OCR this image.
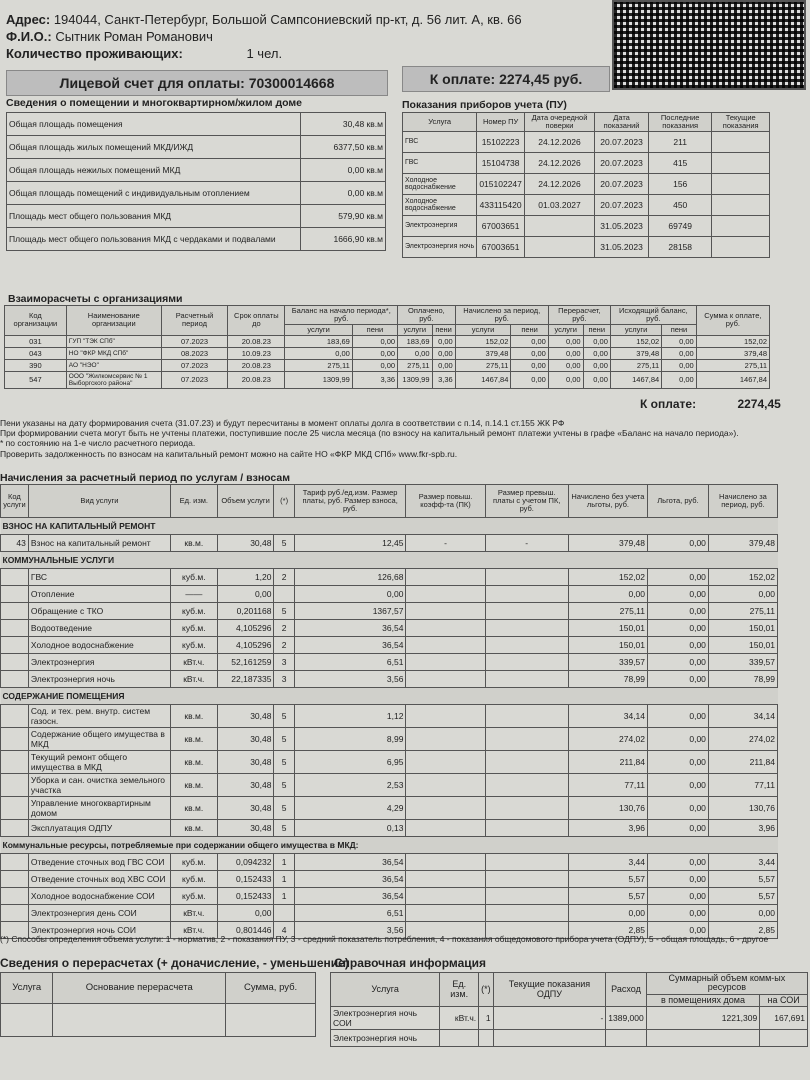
Адрес: 194044, Санкт-Петербург, Большой Сампсониевский пр-кт, д. 56 лит. А, кв. 66
Ф.И.О.: Сытник Роман Романович
Количество проживающих:	1 чел.
Лицевой счет для оплаты: 70300014668	К оплате: 2274,45 руб.
Сведения о помещении и многоквартирном/жилом доме
Общая площадь помещения	30,48 кв.м
Общая площадь жилых помещений МКД/ИЖД	6377,50 кв.м
Общая площадь нежилых помещений МКД	0,00 кв.м
Общая площадь помещений с индивидуальным отоплением	0,00 кв.м
Площадь мест общего пользования МКД	579,90 кв.м
Площадь мест общего пользования МКД с чердаками и подвалами	1666,90 кв.м
Показания приборов учета (ПУ)
Услуга	Номер ПУ	Дата очередной поверки	Дата показаний	Последние показания	Текущие показания
ГВС	15102223	24.12.2026	20.07.2023	211	
ГВС	15104738	24.12.2026	20.07.2023	415	
Холодное водоснабжение	015102247	24.12.2026	20.07.2023	156	
Холодное водоснабжение	433115420	01.03.2027	20.07.2023	450	
Электроэнергия	67003651		31.05.2023	69749	
Электроэнергия ночь	67003651		31.05.2023	28158	
Взаиморасчеты с организациями
Код организации	Наименование организации	Расчетный период	Срок оплаты до	Баланс на начало периода*, руб.		Оплачено, руб.		Начислено за период, руб.		Перерасчет, руб.		Исходящий баланс, руб.		Сумма к оплате, руб.
				услуги	пени	услуги	пени	услуги	пени	услуги	пени	услуги	пени	
031	ГУП "ТЭК СПб"	07.2023	20.08.23	183,69	0,00	183,69	0,00	152,02	0,00	0,00	0,00	152,02	0,00	152,02
043	НО "ФКР МКД СПб"	08.2023	10.09.23	0,00	0,00	0,00	0,00	379,48	0,00	0,00	0,00	379,48	0,00	379,48
390	АО "НЭО"	07.2023	20.08.23	275,11	0,00	275,11	0,00	275,11	0,00	0,00	0,00	275,11	0,00	275,11
547	ООО "Жилкомсервис № 1 Выборгского района"	07.2023	20.08.23	1309,99	3,36	1309,99	3,36	1467,84	0,00	0,00	0,00	1467,84	0,00	1467,84
К оплате:	2274,45
Пени указаны на дату формирования счета (31.07.23) и будут пересчитаны в момент оплаты долга в соответствии с п.14, п.14.1 ст.155 ЖК РФ
При формировании счета могут быть не учтены платежи, поступившие после 25 числа месяца (по взносу на капитальный ремонт платежи учтены в графе «Баланс на начало периода»).
* по состоянию на 1-е число расчетного периода.
Проверить задолженность по взносам на капитальный ремонт можно на сайте НО «ФКР МКД СПб» www.fkr-spb.ru.
Начисления за расчетный период по услугам / взносам
Код услуги	Вид услуги	Ед. изм.	Объем услуги	(*)	Тариф руб./ед.изм. Размер платы, руб. Размер взноса, руб.	Размер повыш. коэфф-та (ПК)	Размер превыш. платы с учетом ПК, руб.	Начислено без учета льготы, руб.	Льгота, руб.	Начислено за период, руб.
ВЗНОС НА КАПИТАЛЬНЫЙ РЕМОНТ										
43	Взнос на капитальный ремонт	кв.м.	30,48	5	12,45	-	-	379,48	0,00	379,48
КОММУНАЛЬНЫЕ УСЛУГИ										
	ГВС	куб.м.	1,20	2	126,68			152,02	0,00	152,02
	Отопление	——	0,00		0,00			0,00	0,00	0,00
	Обращение с ТКО	куб.м.	0,201168	5	1367,57			275,11	0,00	275,11
	Водоотведение	куб.м.	4,105296	2	36,54			150,01	0,00	150,01
	Холодное водоснабжение	куб.м.	4,105296	2	36,54			150,01	0,00	150,01
	Электроэнергия	кВт.ч.	52,161259	3	6,51			339,57	0,00	339,57
	Электроэнергия ночь	кВт.ч.	22,187335	3	3,56			78,99	0,00	78,99
СОДЕРЖАНИЕ ПОМЕЩЕНИЯ										
	Сод. и тех. рем. внутр. систем газосн.	кв.м.	30,48	5	1,12			34,14	0,00	34,14
	Содержание общего имущества в МКД	кв.м.	30,48	5	8,99			274,02	0,00	274,02
	Текущий ремонт общего имущества в МКД	кв.м.	30,48	5	6,95			211,84	0,00	211,84
	Уборка и сан. очистка земельного участка	кв.м.	30,48	5	2,53			77,11	0,00	77,11
	Управление многоквартирным домом	кв.м.	30,48	5	4,29			130,76	0,00	130,76
	Эксплуатация ОДПУ	кв.м.	30,48	5	0,13			3,96	0,00	3,96
Коммунальные ресурсы, потребляемые при содержании общего имущества в МКД:										
	Отведение сточных вод ГВС СОИ	куб.м.	0,094232	1	36,54			3,44	0,00	3,44
	Отведение сточных вод ХВС СОИ	куб.м.	0,152433	1	36,54			5,57	0,00	5,57
	Холодное водоснабжение СОИ	куб.м.	0,152433	1	36,54			5,57	0,00	5,57
	Электроэнергия день СОИ	кВт.ч.	0,00		6,51			0,00	0,00	0,00
	Электроэнергия ночь СОИ	кВт.ч.	0,801446	4	3,56			2,85	0,00	2,85
(*) Способы определения объема услуги: 1 - норматив, 2 - показания ПУ, 3 - средний показатель потребления, 4 - показания общедомового прибора учета (ОДПУ), 5 - общая площадь, 6 - другое
Сведения о перерасчетах (+ доначисление, - уменьшение)
Услуга	Основание перерасчета	Сумма, руб.

Справочная информация
Услуга	Ед. изм.	(*)	Текущие показания ОДПУ	Расход	Суммарный объем комм-ых ресурсов	
					в помещениях дома	на СОИ
Электроэнергия ночь СОИ	кВт.ч.	1	-	1389,000	1221,309	167,691
Электроэнергия ночь						
